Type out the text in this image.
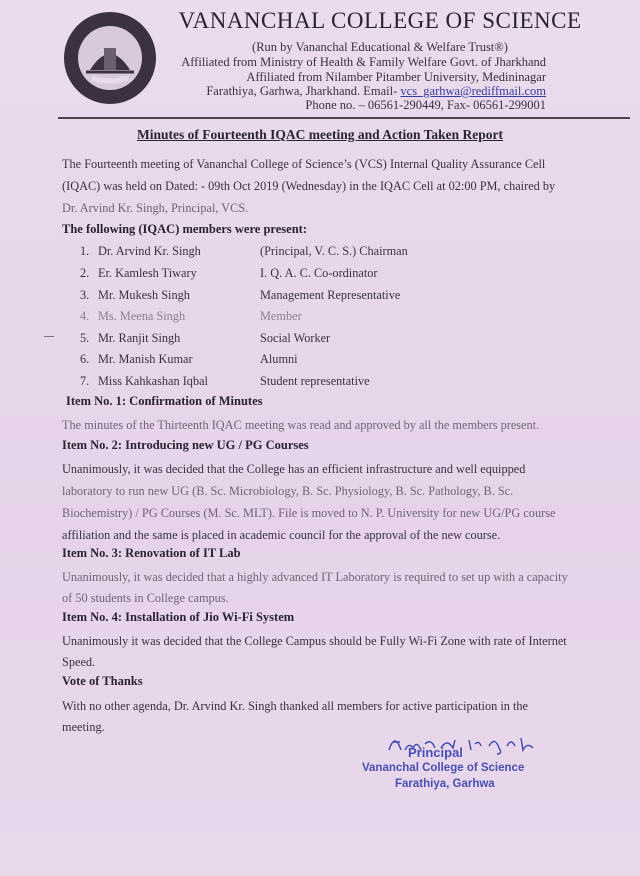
VANANCHAL COLLEGE OF SCIENCE
(Run by Vananchal Educational & Welfare Trust®)
Affiliated from Ministry of Health & Family Welfare Govt. of Jharkhand
Affiliated from Nilamber Pitamber University, Medininagar
Farathiya, Garhwa, Jharkhand. Email- vcs_garhwa@rediffmail.com
Phone no. – 06561-290449, Fax- 06561-299001
Minutes of Fourteenth IQAC meeting and Action Taken Report
The Fourteenth meeting of Vananchal College of Science’s (VCS) Internal Quality Assurance Cell
(IQAC) was held on Dated: - 09th Oct 2019 (Wednesday) in the IQAC Cell at 02:00 PM, chaired by
Dr. Arvind Kr. Singh, Principal, VCS.
The following (IQAC) members were present:
1. Dr. Arvind Kr. Singh	(Principal, V. C. S.) Chairman
2. Er. Kamlesh Tiwary	I. Q. A. C. Co-ordinator
3. Mr. Mukesh Singh	Management Representative
4. Ms. Meena Singh	Member
5. Mr. Ranjit Singh	Social Worker
6. Mr. Manish Kumar	Alumni
7. Miss Kahkashan Iqbal	Student representative
Item No. 1: Confirmation of Minutes
The minutes of the Thirteenth IQAC meeting was read and approved by all the members present.
Item No. 2: Introducing new UG / PG Courses
Unanimously, it was decided that the College has an efficient infrastructure and well equipped
laboratory to run new UG (B. Sc. Microbiology, B. Sc. Physiology, B. Sc. Pathology, B. Sc.
Biochemistry) / PG Courses (M. Sc. MLT). File is moved to N. P. University for new UG/PG course
affiliation and the same is placed in academic council for the approval of the new course.
Item No. 3: Renovation of IT Lab
Unanimously, it was decided that a highly advanced IT Laboratory is required to set up with a capacity
of 50 students in College campus.
Item No. 4: Installation of Jio Wi-Fi System
Unanimously it was decided that the College Campus should be Fully Wi-Fi Zone with rate of Internet
Speed.
Vote of Thanks
With no other agenda, Dr. Arvind Kr. Singh thanked all members for active participation in the
meeting.
Principal
Vananchal College of Science
Farathiya, Garhwa
